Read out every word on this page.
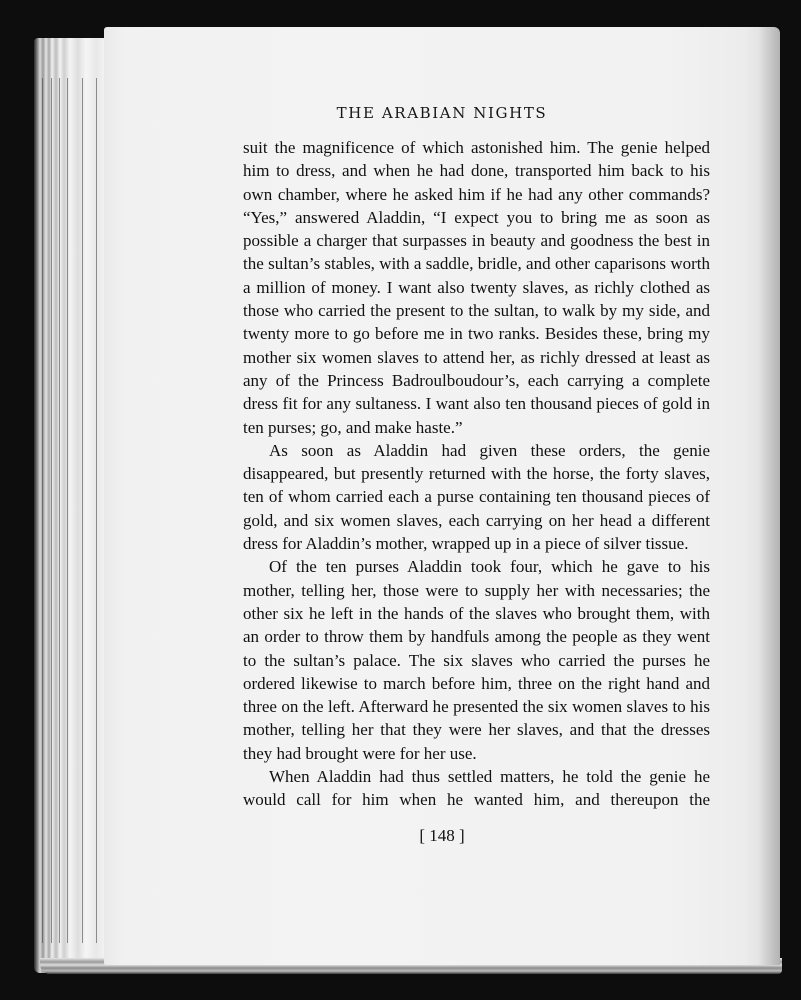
THE ARABIAN NIGHTS

suit the magnificence of which astonished him. The genie helped him to dress, and when he had done, transported him back to his own chamber, where he asked him if he had any other commands? “Yes,” answered Aladdin, “I expect you to bring me as soon as possible a charger that surpasses in beauty and goodness the best in the sultan’s stables, with a saddle, bridle, and other caparisons worth a million of money. I want also twenty slaves, as richly clothed as those who carried the present to the sultan, to walk by my side, and twenty more to go before me in two ranks. Besides these, bring my mother six women slaves to attend her, as richly dressed at least as any of the Princess Badroulboudour’s, each carrying a complete dress fit for any sultaness. I want also ten thousand pieces of gold in ten purses; go, and make haste.”

As soon as Aladdin had given these orders, the genie disappeared, but presently returned with the horse, the forty slaves, ten of whom carried each a purse containing ten thousand pieces of gold, and six women slaves, each carrying on her head a different dress for Aladdin’s mother, wrapped up in a piece of silver tissue.

Of the ten purses Aladdin took four, which he gave to his mother, telling her, those were to supply her with necessaries; the other six he left in the hands of the slaves who brought them, with an order to throw them by handfuls among the people as they went to the sultan’s palace. The six slaves who carried the purses he ordered likewise to march before him, three on the right hand and three on the left. Afterward he presented the six women slaves to his mother, telling her that they were her slaves, and that the dresses they had brought were for her use.

When Aladdin had thus settled matters, he told the genie he would call for him when he wanted him, and thereupon the

[ 148 ]
